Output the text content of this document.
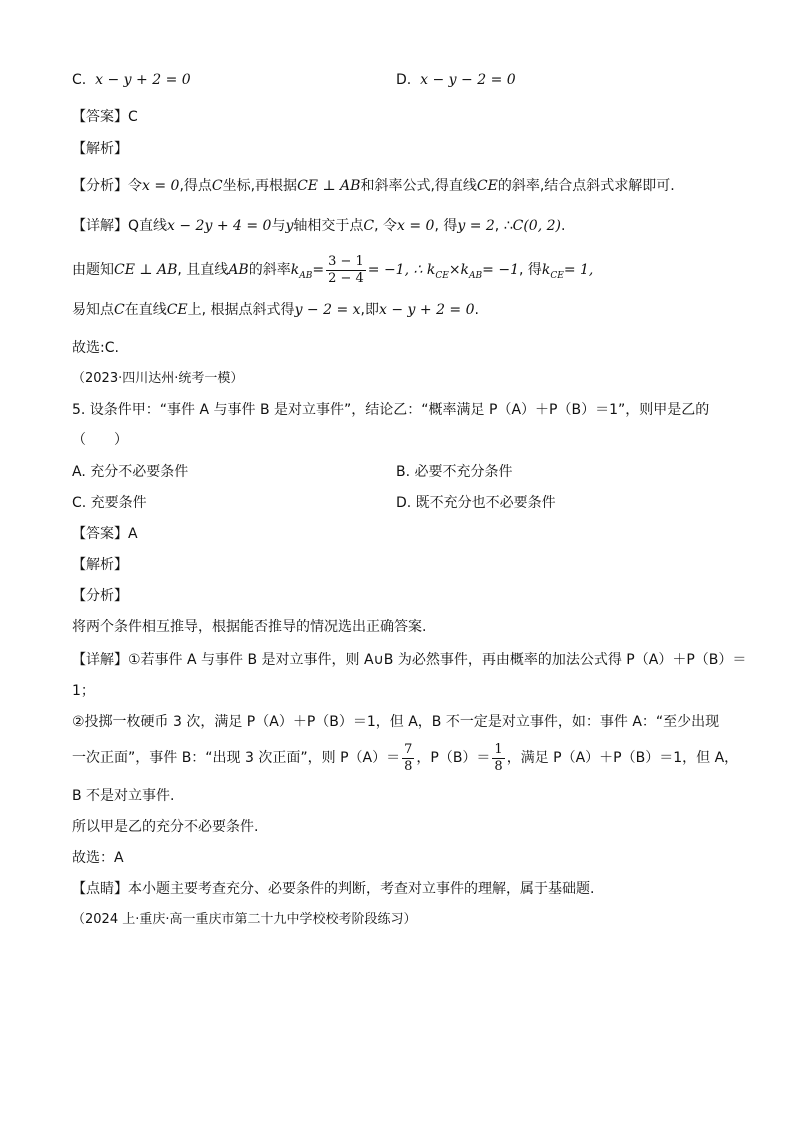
C. x − y + 2 = 0	D. x − y − 2 = 0
【答案】C
【解析】
【分析】令x = 0,得点C坐标,再根据CE ⊥ AB和斜率公式,得直线CE的斜率,结合点斜式求解即可.
【详解】Q直线x − 2y + 4 = 0与y轴相交于点C, 令x = 0, 得y = 2, ∴C(0, 2).
由题知CE ⊥ AB, 且直线AB的斜率$k_{AB}= \frac{3 - 1}{2 - 4} = -1$, ∴ $k_{CE}\times k_{AB}= -1$, 得$k_{CE}= 1$,
易知点C在直线CE上, 根据点斜式得y − 2 = x,即x − y + 2 = 0.
故选:C.
（2023·四川达州·统考一模）
5. 设条件甲：“事件 A 与事件 B 是对立事件”，结论乙：“概率满足 P（A）＋P（B）＝1”，则甲是乙的
（　　）
A. 充分不必要条件	B. 必要不充分条件
C. 充要条件	D. 既不充分也不必要条件
【答案】A
【解析】
【分析】
将两个条件相互推导，根据能否推导的情况选出正确答案.
【详解】①若事件 A 与事件 B 是对立事件，则 A∪B 为必然事件，再由概率的加法公式得 P（A）＋P（B）＝
1；
②投掷一枚硬币 3 次，满足 P（A）＋P（B）＝1，但 A，B 不一定是对立事件，如：事件 A：“至少出现
一次正面”，事件 B：“出现 3 次正面”，则 $P(A)= \frac{7}{8}$ ，$P(B)= \frac{1}{8}$ ，满足 P（A）＋P（B）＝1，但 A，
B 不是对立事件.
所以甲是乙的充分不必要条件.
故选：A
【点睛】本小题主要考查充分、必要条件的判断，考查对立事件的理解，属于基础题.
（2024 上·重庆·高一重庆市第二十九中学校校考阶段练习）
